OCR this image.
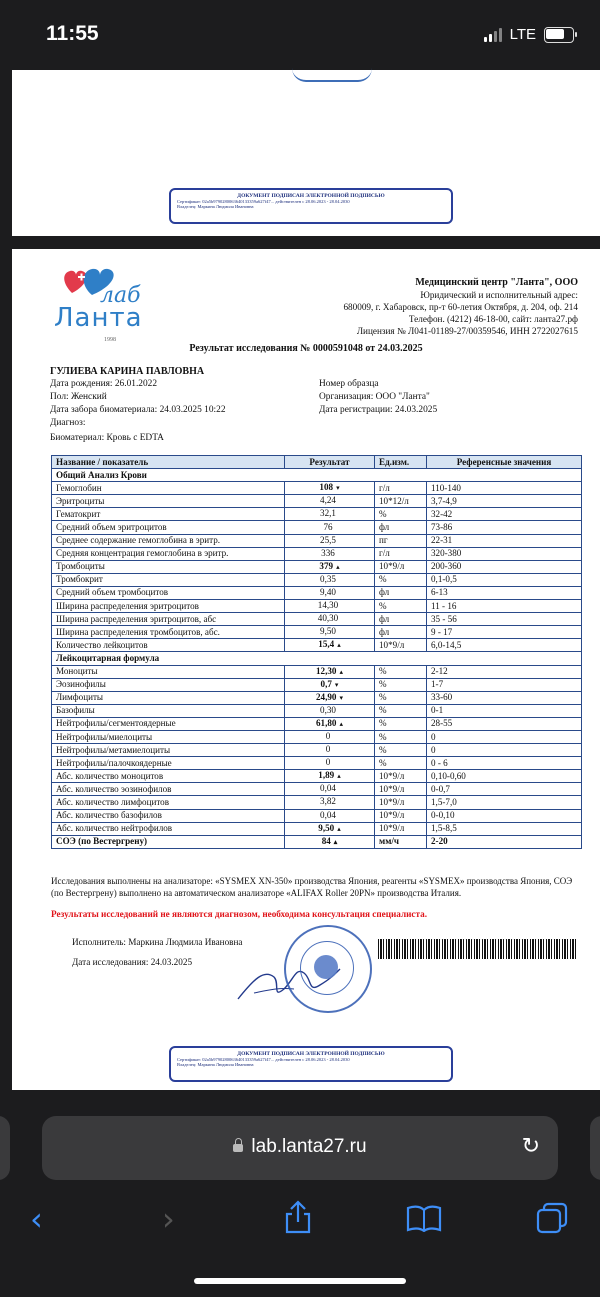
11:55	LTE
ДОКУМЕНТ ПОДПИСАН ЭЛЕКТРОННОЙ ПОДПИСЬЮ
Сертификат: 02a5b9790280063640133359a627f47... действителен с 28.06.2023 - 28.04.2030
Владелец: Маркина Людмила Ивановна
лаб
Ланта
1998
Медицинский центр "Ланта", ООО
Юридический и исполнительный адрес:
680009, г. Хабаровск, пр-т 60-летия Октября, д. 204, оф. 214
Телефон. (4212) 46-18-00, сайт: ланта27.рф
Лицензия № Л041-01189-27/00359546, ИНН 2722027615
Результат исследования № 0000591048 от 24.03.2025
ГУЛИЕВА КАРИНА ПАВЛОВНА
Дата рождения: 26.01.2022
Пол: Женский
Дата забора биоматериала: 24.03.2025 10:22
Диагноз:
Биоматериал: Кровь с EDTA
Номер образца
Организация: ООО "Ланта"
Дата регистрации: 24.03.2025
Название / показатель	Результат	Ед.изм.	Референсные значения
Общий Анализ Крови			
Гемоглобин	108 ▾	г/л	110-140
Эритроциты	4,24	10*12/л	3,7-4,9
Гематокрит	32,1	%	32-42
Средний объем эритроцитов	76	фл	73-86
Среднее содержание гемоглобина в эритр.	25,5	пг	22-31
Средняя концентрация гемоглобина в эритр.	336	г/л	320-380
Тромбоциты	379 ▴	10*9/л	200-360
Тромбокрит	0,35	%	0,1-0,5
Средний объем тромбоцитов	9,40	фл	6-13
Ширина распределения эритроцитов	14,30	%	11 - 16
Ширина распределения эритроцитов, абс	40,30	фл	35 - 56
Ширина распределения тромбоцитов, абс.	9,50	фл	9 - 17
Количество лейкоцитов	15,4 ▴	10*9/л	6,0-14,5
Лейкоцитарная формула			
Моноциты	12,30 ▴	%	2-12
Эозинофилы	0,7 ▾	%	1-7
Лимфоциты	24,90 ▾	%	33-60
Базофилы	0,30	%	0-1
Нейтрофилы/сегментоядерные	61,80 ▴	%	28-55
Нейтрофилы/миелоциты	0	%	0
Нейтрофилы/метамиелоциты	0	%	0
Нейтрофилы/палочкоядерные	0	%	0 - 6
Абс. количество моноцитов	1,89 ▴	10*9/л	0,10-0,60
Абс. количество эозинофилов	0,04	10*9/л	0-0,7
Абс. количество лимфоцитов	3,82	10*9/л	1,5-7,0
Абс. количество базофилов	0,04	10*9/л	0-0,10
Абс. количество нейтрофилов	9,50 ▴	10*9/л	1,5-8,5
СОЭ (по Вестергрену)	84 ▴	мм/ч	2-20
Исследования выполнены на анализаторе: «SYSMEX XN-350» производства Япония, реагенты «SYSMEX» производства Япония, СОЭ (по Вестергрену) выполнено на автоматическом анализаторе «ALIFAX Roller 20PN» производства Италия.
Результаты исследований не являются диагнозом, необходима консультация специалиста.
Исполнитель: Маркина Людмила Ивановна
Дата исследования: 24.03.2025
ДОКУМЕНТ ПОДПИСАН ЭЛЕКТРОННОЙ ПОДПИСЬЮ
Сертификат: 02a5b9790280063640133359a627f47... действителен с 28.06.2023 - 28.04.2030
Владелец: Маркина Людмила Ивановна
lab.lanta27.ru	↻
‹	›
